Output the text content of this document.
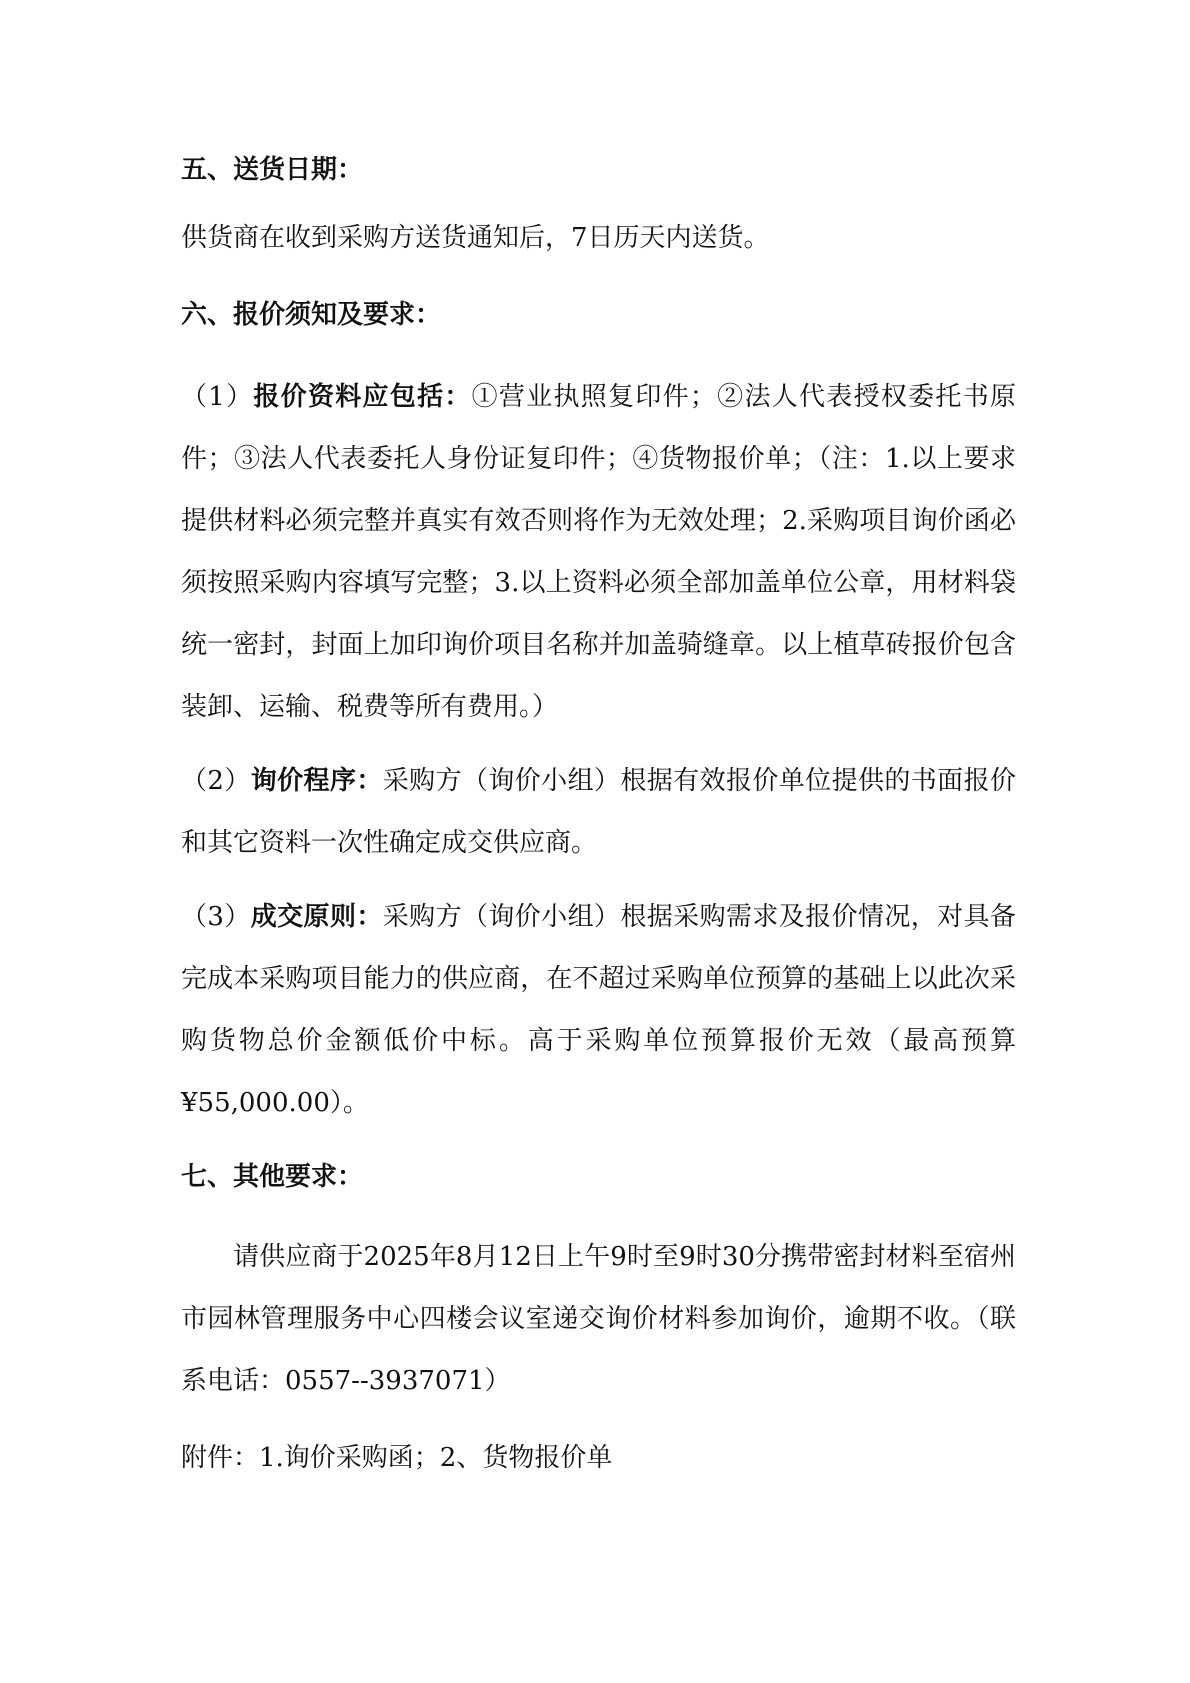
五、送货日期：
供货商在收到采购方送货通知后，7日历天内送货。
六、报价须知及要求：
（1）报价资料应包括：①营业执照复印件；②法人代表授权委托书原件；③法人代表委托人身份证复印件；④货物报价单；（注：1.以上要求提供材料必须完整并真实有效否则将作为无效处理；2.采购项目询价函必须按照采购内容填写完整；3.以上资料必须全部加盖单位公章，用材料袋统一密封，封面上加印询价项目名称并加盖骑缝章。以上植草砖报价包含装卸、运输、税费等所有费用。）
（2）询价程序：采购方（询价小组）根据有效报价单位提供的书面报价和其它资料一次性确定成交供应商。
（3）成交原则：采购方（询价小组）根据采购需求及报价情况，对具备完成本采购项目能力的供应商，在不超过采购单位预算的基础上以此次采购货物总价金额低价中标。高于采购单位预算报价无效（最高预算¥55,000.00）。
七、其他要求：
请供应商于2025年8月12日上午9时至9时30分携带密封材料至宿州市园林管理服务中心四楼会议室递交询价材料参加询价，逾期不收。（联系电话：0557--3937071）
附件：1.询价采购函；2、货物报价单
